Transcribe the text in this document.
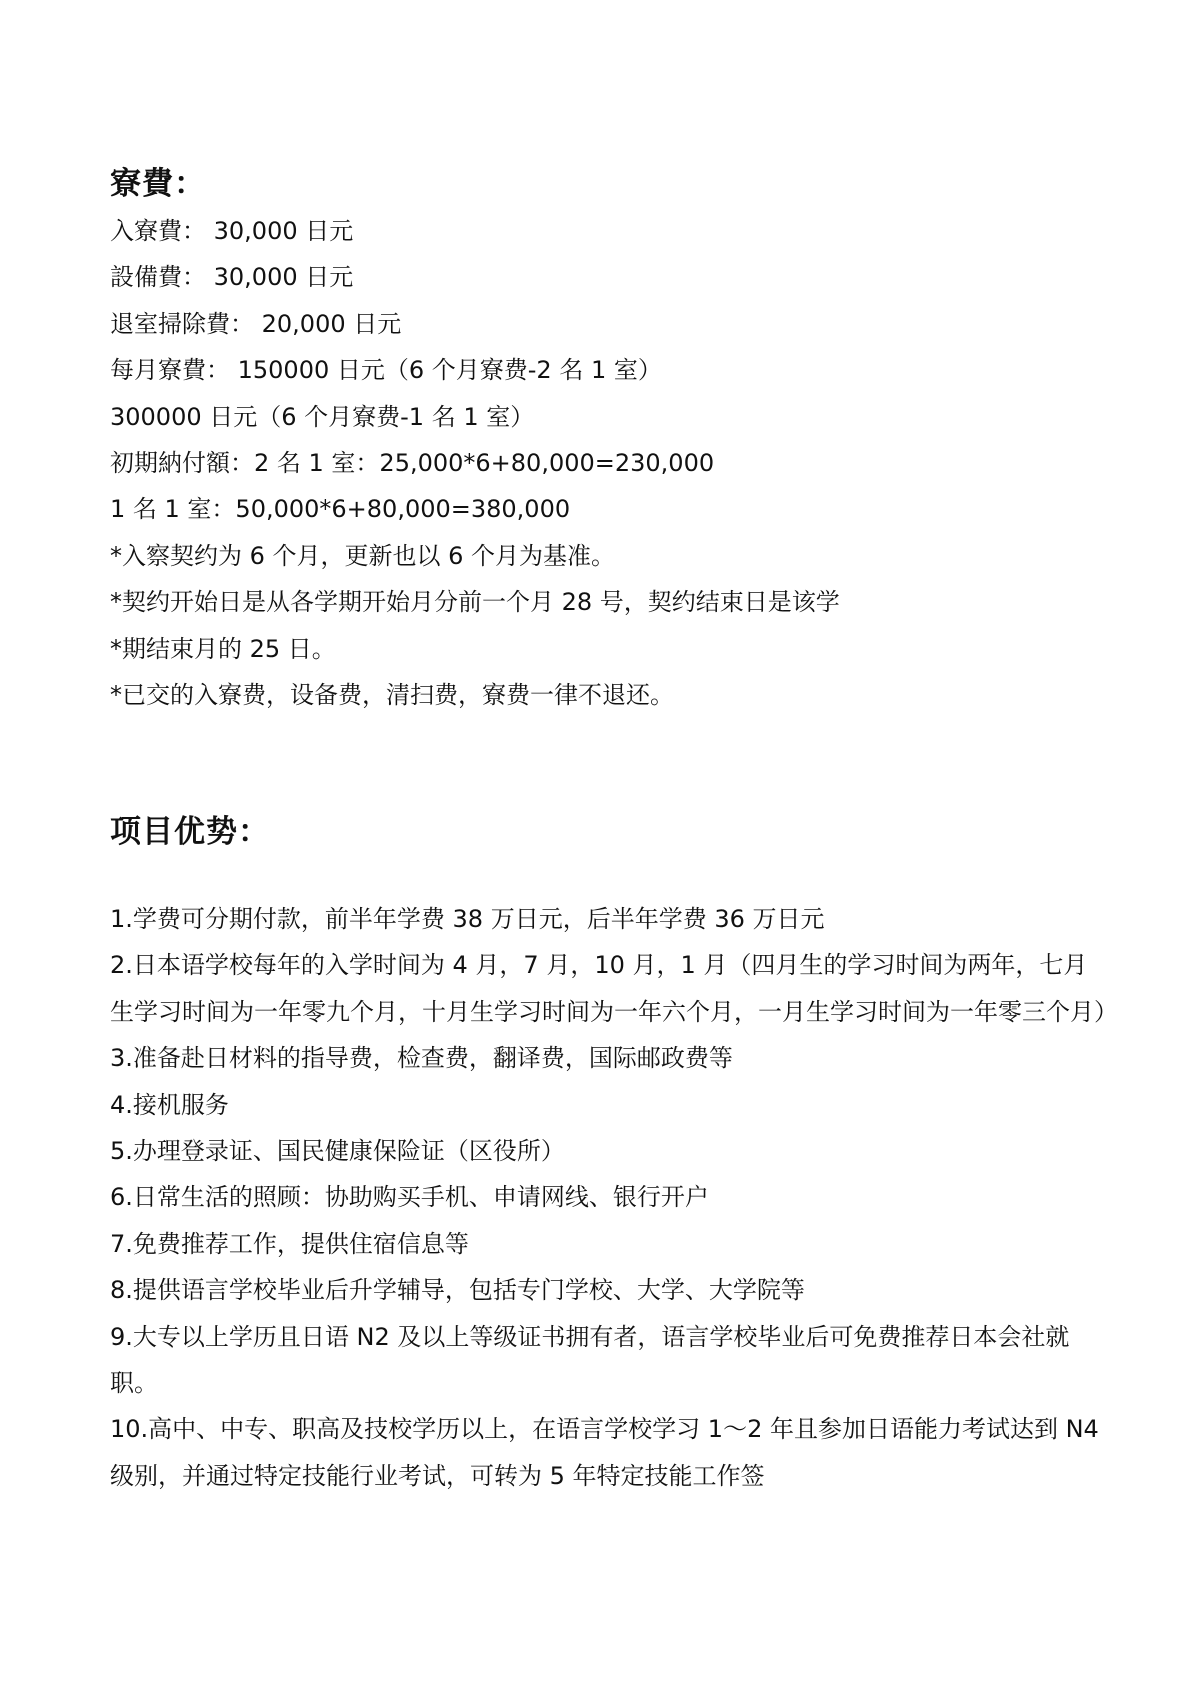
寮費：

入寮費： 30,000 日元

設備費： 30,000 日元

退室掃除費： 20,000 日元

每月寮費： 150000 日元（6 个月寮费-2 名 1 室）

300000 日元（6 个月寮费-1 名 1 室）

初期納付額：2 名 1 室：25,000*6+80,000=230,000

1 名 1 室：50,000*6+80,000=380,000

*入察契约为 6 个月，更新也以 6 个月为基准。

*契约开始日是从各学期开始月分前一个月 28 号，契约结束日是该学

*期结束月的 25 日。

*已交的入寮费，设备费，清扫费，寮费一律不退还。

项目优势：

1.学费可分期付款，前半年学费 38 万日元，后半年学费 36 万日元

2.日本语学校每年的入学时间为 4 月，7 月，10 月，1 月（四月生的学习时间为两年，七月生学习时间为一年零九个月，十月生学习时间为一年六个月，一月生学习时间为一年零三个月）

3.准备赴日材料的指导费，检查费，翻译费，国际邮政费等

4.接机服务

5.办理登录证、国民健康保险证（区役所）

6.日常生活的照顾：协助购买手机、申请网线、银行开户

7.免费推荐工作，提供住宿信息等

8.提供语言学校毕业后升学辅导，包括专门学校、大学、大学院等

9.大专以上学历且日语 N2 及以上等级证书拥有者，语言学校毕业后可免费推荐日本会社就职。

10.高中、中专、职高及技校学历以上，在语言学校学习 1～2 年且参加日语能力考试达到 N4 级别，并通过特定技能行业考试，可转为 5 年特定技能工作签
